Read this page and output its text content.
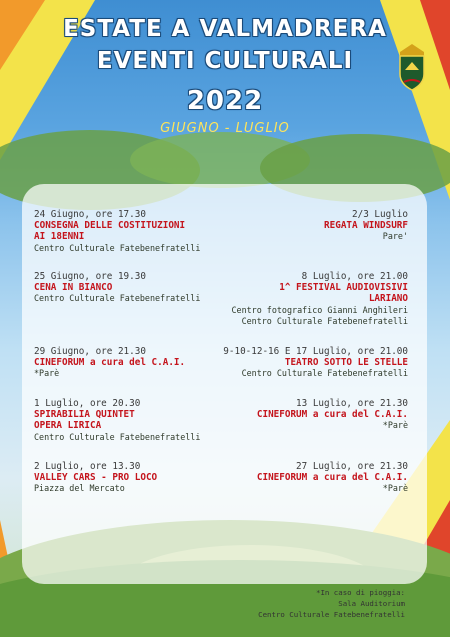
ESTATE A VALMADRERA
EVENTI CULTURALI
2022
GIUGNO - LUGLIO
24 Giugno, ore 17.30
CONSEGNA DELLE COSTITUZIONI
AI 18ENNI
Centro Culturale Fatebenefratelli
25 Giugno, ore 19.30
CENA IN BIANCO
Centro Culturale Fatebenefratelli
29 Giugno, ore 21.30
CINEFORUM a cura del C.A.I.
*Parè
1 Luglio, ore 20.30
SPIRABILIA QUINTET
OPERA LIRICA
Centro Culturale Fatebenefratelli
2 Luglio, ore 13.30
VALLEY CARS - PRO LOCO
Piazza del Mercato
2/3 Luglio
REGATA WINDSURF
Pare'
8 Luglio, ore 21.00
1^ FESTIVAL AUDIOVISIVI
LARIANO
Centro fotografico Gianni Anghileri
Centro Culturale Fatebenefratelli
9-10-12-16 E 17 Luglio, ore 21.00
TEATRO SOTTO LE STELLE
Centro Culturale Fatebenefratelli
13 Luglio, ore 21.30
CINEFORUM a cura del C.A.I.
*Parè
27 Luglio, ore 21.30
CINEFORUM a cura del C.A.I.
*Parè
*In caso di pioggia:
Sala Auditorium
Centro Culturale Fatebenefratelli
